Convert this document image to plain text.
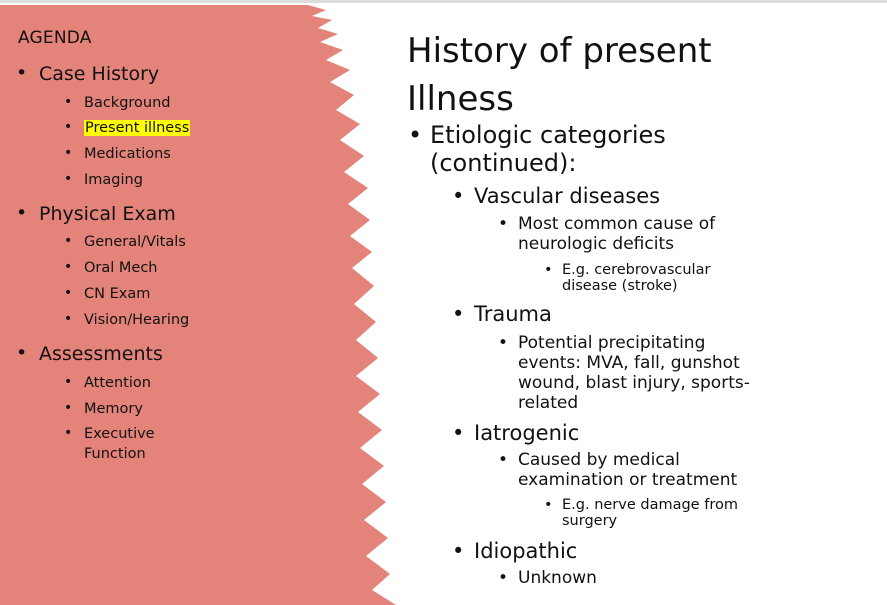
AGENDA
• Case History
• Background
• Present illness
• Medications
• Imaging
• Physical Exam
• General/Vitals
• Oral Mech
• CN Exam
• Vision/Hearing
• Assessments
• Attention
• Memory
• Executive
Function
History of present
Illness
• Etiologic categories
(continued):
• Vascular diseases
• Most common cause of
neurologic deficits
• E.g. cerebrovascular
disease (stroke)
• Trauma
• Potential precipitating
events: MVA, fall, gunshot
wound, blast injury, sports-
related
• Iatrogenic
• Caused by medical
examination or treatment
• E.g. nerve damage from
surgery
• Idiopathic
• Unknown
